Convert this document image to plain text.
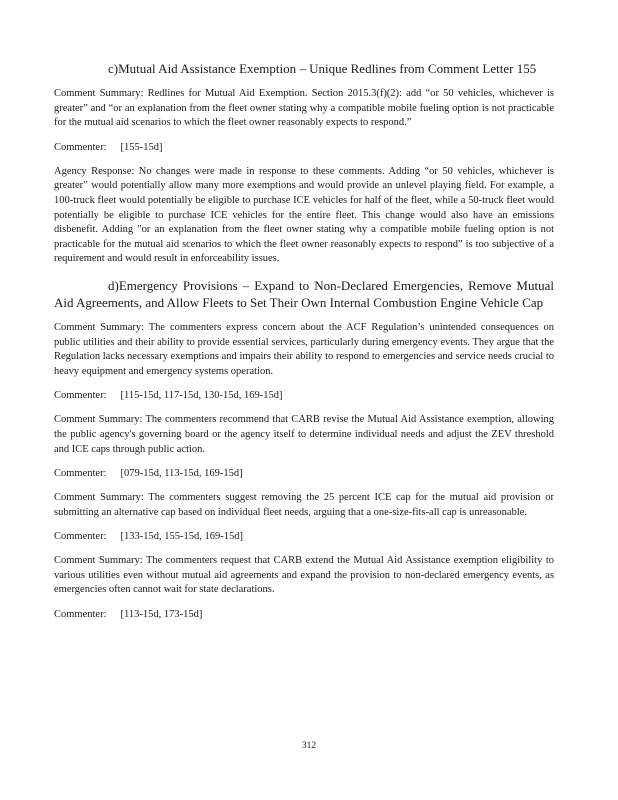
c)Mutual Aid Assistance Exemption – Unique Redlines from Comment Letter 155

Comment Summary: Redlines for Mutual Aid Exemption. Section 2015.3(f)(2): add “or 50 vehicles, whichever is greater” and “or an explanation from the fleet owner stating why a compatible mobile fueling option is not practicable for the mutual aid scenarios to which the fleet owner reasonably expects to respond.”

Commenter: [155-15d]

Agency Response: No changes were made in response to these comments. Adding “or 50 vehicles, whichever is greater” would potentially allow many more exemptions and would provide an unlevel playing field. For example, a 100-truck fleet would potentially be eligible to purchase ICE vehicles for half of the fleet, while a 50-truck fleet would potentially be eligible to purchase ICE vehicles for the entire fleet. This change would also have an emissions disbenefit. Adding "or an explanation from the fleet owner stating why a compatible mobile fueling option is not practicable for the mutual aid scenarios to which the fleet owner reasonably expects to respond” is too subjective of a requirement and would result in enforceability issues.

d)Emergency Provisions – Expand to Non-Declared Emergencies, Remove Mutual Aid Agreements, and Allow Fleets to Set Their Own Internal Combustion Engine Vehicle Cap

Comment Summary: The commenters express concern about the ACF Regulation’s unintended consequences on public utilities and their ability to provide essential services, particularly during emergency events. They argue that the Regulation lacks necessary exemptions and impairs their ability to respond to emergencies and service needs crucial to heavy equipment and emergency systems operation.

Commenter: [115-15d, 117-15d, 130-15d, 169-15d]

Comment Summary: The commenters recommend that CARB revise the Mutual Aid Assistance exemption, allowing the public agency's governing board or the agency itself to determine individual needs and adjust the ZEV threshold and ICE caps through public action.

Commenter: [079-15d, 113-15d, 169-15d]

Comment Summary: The commenters suggest removing the 25 percent ICE cap for the mutual aid provision or submitting an alternative cap based on individual fleet needs, arguing that a one-size-fits-all cap is unreasonable.

Commenter: [133-15d, 155-15d, 169-15d]

Comment Summary: The commenters request that CARB extend the Mutual Aid Assistance exemption eligibility to various utilities even without mutual aid agreements and expand the provision to non-declared emergency events, as emergencies often cannot wait for state declarations.

Commenter: [113-15d, 173-15d]

312
